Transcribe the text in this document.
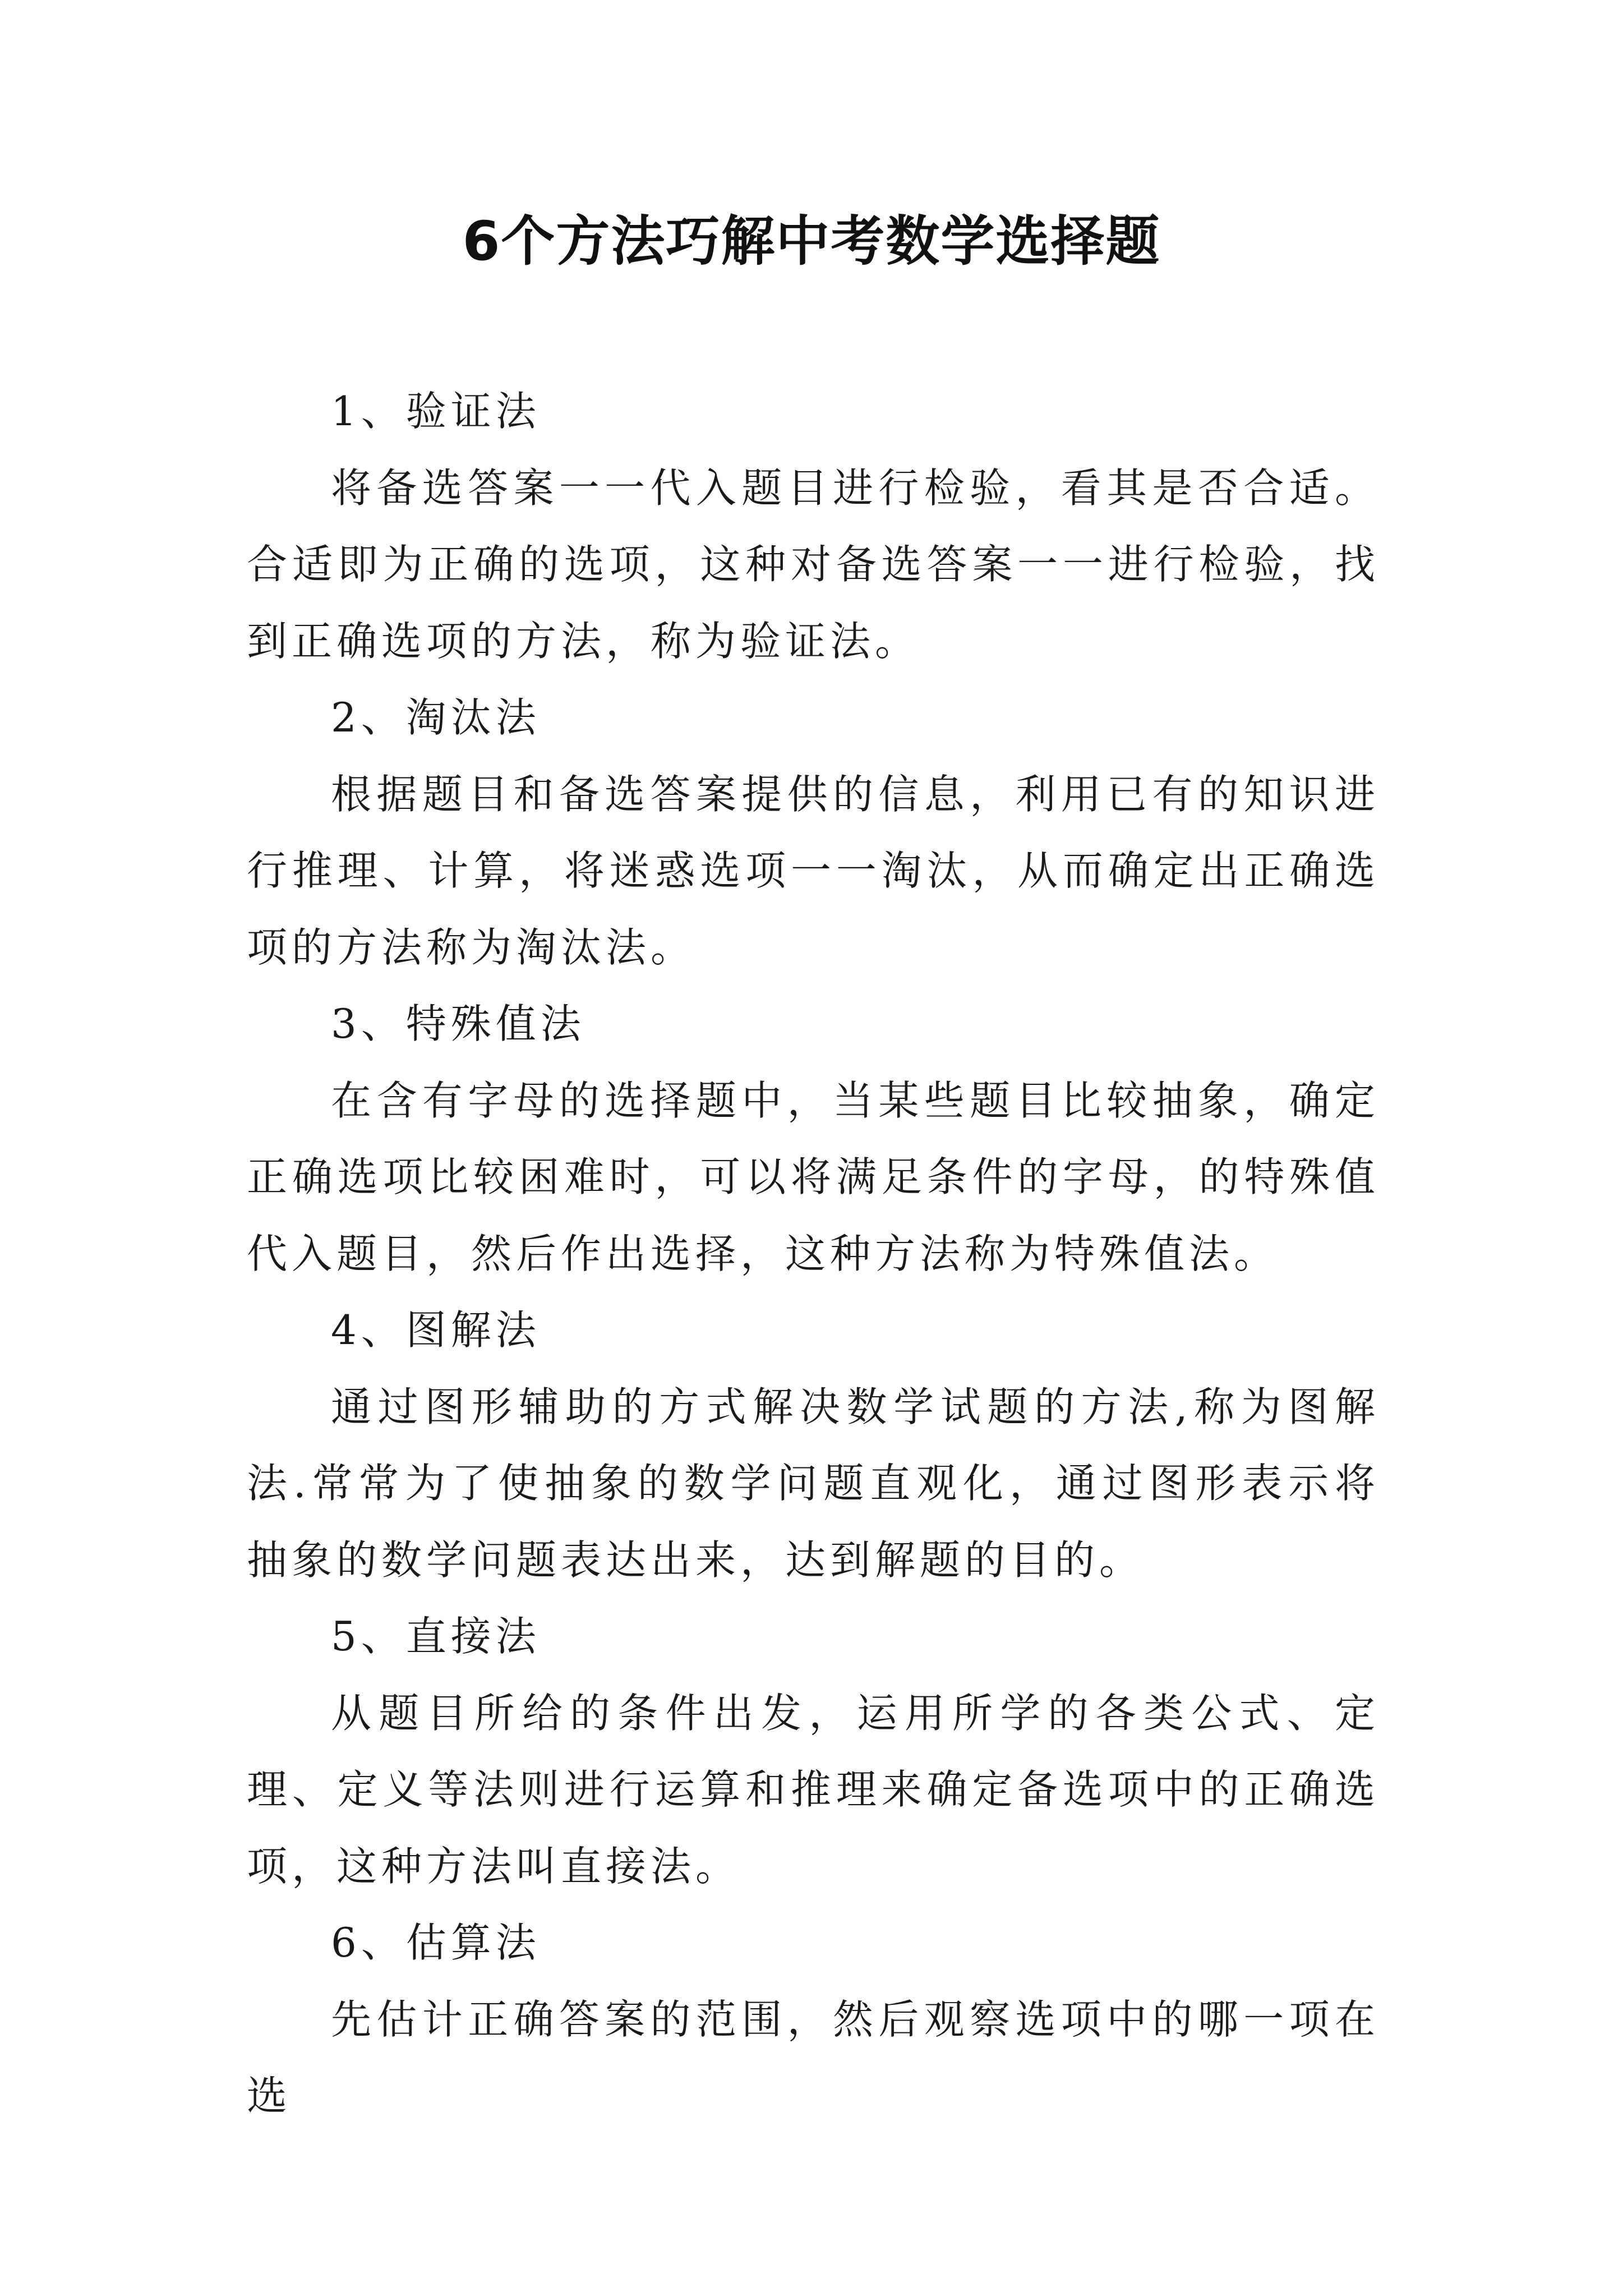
6个方法巧解中考数学选择题

1、验证法

将备选答案一一代入题目进行检验，看其是否合适。合适即为正确的选项，这种对备选答案一一进行检验，找到正确选项的方法，称为验证法。

2、淘汰法

根据题目和备选答案提供的信息，利用已有的知识进行推理、计算，将迷惑选项一一淘汰，从而确定出正确选项的方法称为淘汰法。

3、特殊值法

在含有字母的选择题中，当某些题目比较抽象，确定正确选项比较困难时，可以将满足条件的字母，的特殊值代入题目，然后作出选择，这种方法称为特殊值法。

4、图解法

通过图形辅助的方式解决数学试题的方法,称为图解法.常常为了使抽象的数学问题直观化，通过图形表示将抽象的数学问题表达出来，达到解题的目的。

5、直接法

从题目所给的条件出发，运用所学的各类公式、定理、定义等法则进行运算和推理来确定备选项中的正确选项，这种方法叫直接法。

6、估算法

先估计正确答案的范围，然后观察选项中的哪一项在选
